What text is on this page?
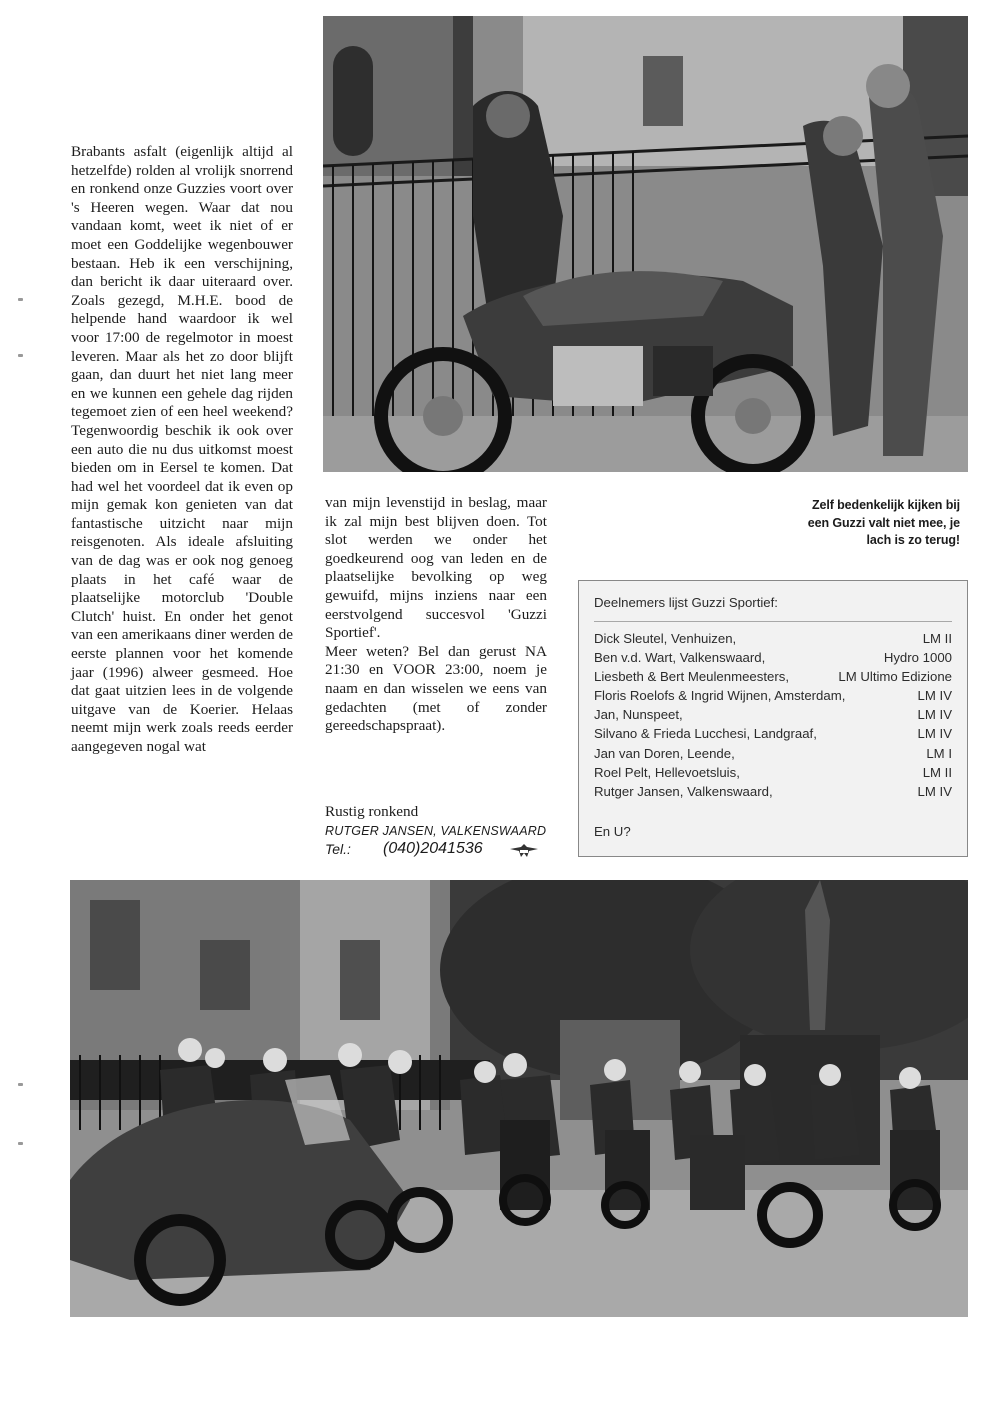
Brabants asfalt (eigenlijk altijd al hetzelfde) rolden al vrolijk snorrend en ronkend onze Guzzies voort over 's Heeren wegen. Waar dat nou vandaan komt, weet ik niet of er moet een Goddelijke wegenbouwer bestaan. Heb ik een verschijning, dan bericht ik daar uiteraard over. Zoals gezegd, M.H.E. bood de helpende hand waardoor ik wel voor 17:00 de regelmotor in moest leveren. Maar als het zo door blijft gaan, dan duurt het niet lang meer en we kunnen een gehele dag rijden tegemoet zien of een heel weekend? Tegenwoordig beschik ik ook over een auto die nu dus uitkomst moest bieden om in Eersel te komen. Dat had wel het voordeel dat ik even op mijn gemak kon genieten van dat fantastische uitzicht naar mijn reisgenoten. Als ideale afsluiting van de dag was er ook nog genoeg plaats in het café waar de plaatselijke motorclub 'Double Clutch' huist. En onder het genot van een amerikaans diner werden de eerste plannen voor het komende jaar (1996) alweer gesmeed. Hoe dat gaat uitzien lees in de volgende uitgave van de Koerier. Helaas neemt mijn werk zoals reeds eerder aangegeven nogal wat

van mijn levenstijd in beslag, maar ik zal mijn best blijven doen. Tot slot werden we onder het goedkeurend oog van leden en de plaatselijke bevolking op weg gewuifd, mijns inziens naar een eerstvolgend succesvol 'Guzzi Sportief'.

Meer weten? Bel dan gerust NA 21:30 en VOOR 23:00, noem je naam en dan wisselen we eens van gedachten (met of zonder gereedschapspraat).

Rustig ronkend
RUTGER JANSEN, VALKENSWAARD
Tel.:	(040)2041536
Zelf bedenkelijk kijken bij een Guzzi valt niet mee, je lach is zo terug!
Deelnemers lijst Guzzi Sportief:
Dick Sleutel, Venhuizen,	LM II
Ben v.d. Wart, Valkenswaard,	Hydro 1000
Liesbeth & Bert Meulenmeesters,	LM Ultimo Edizione
Floris Roelofs & Ingrid Wijnen, Amsterdam,	LM IV
Jan, Nunspeet,	LM IV
Silvano & Frieda Lucchesi, Landgraaf,	LM IV
Jan van Doren, Leende,	LM I
Roel Pelt, Hellevoetsluis,	LM II
Rutger Jansen, Valkenswaard,	LM IV
En U?
